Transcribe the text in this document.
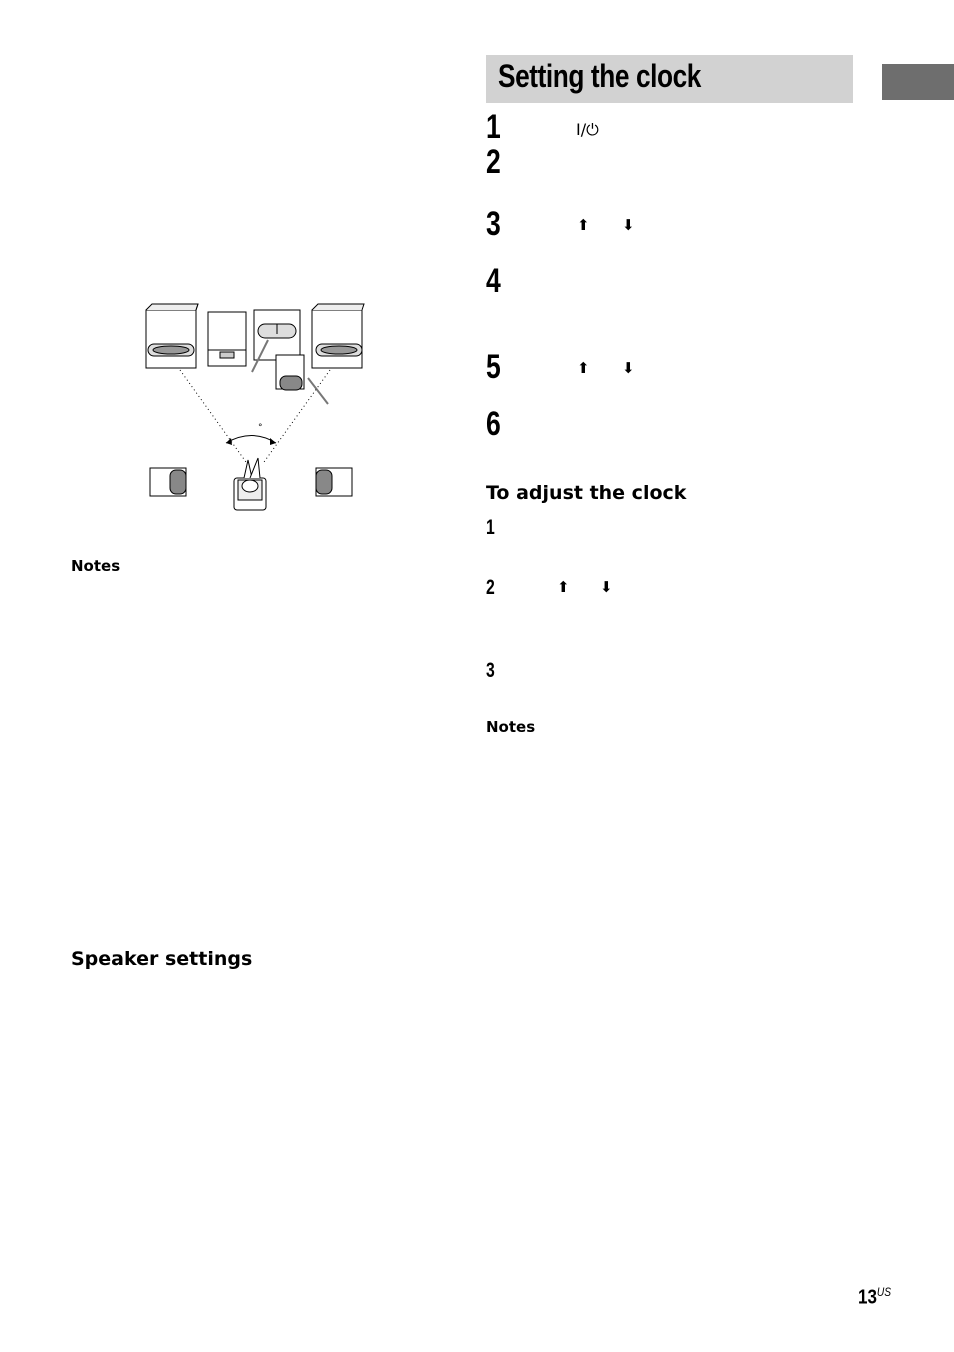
Setting the clock
1	I/⏻
2
3	⬆ ⬇
4
5	⬆ ⬇
6
To adjust the clock
1
2	⬆ ⬇
3
Notes
Notes
Speaker settings
°
$13^{US}$
